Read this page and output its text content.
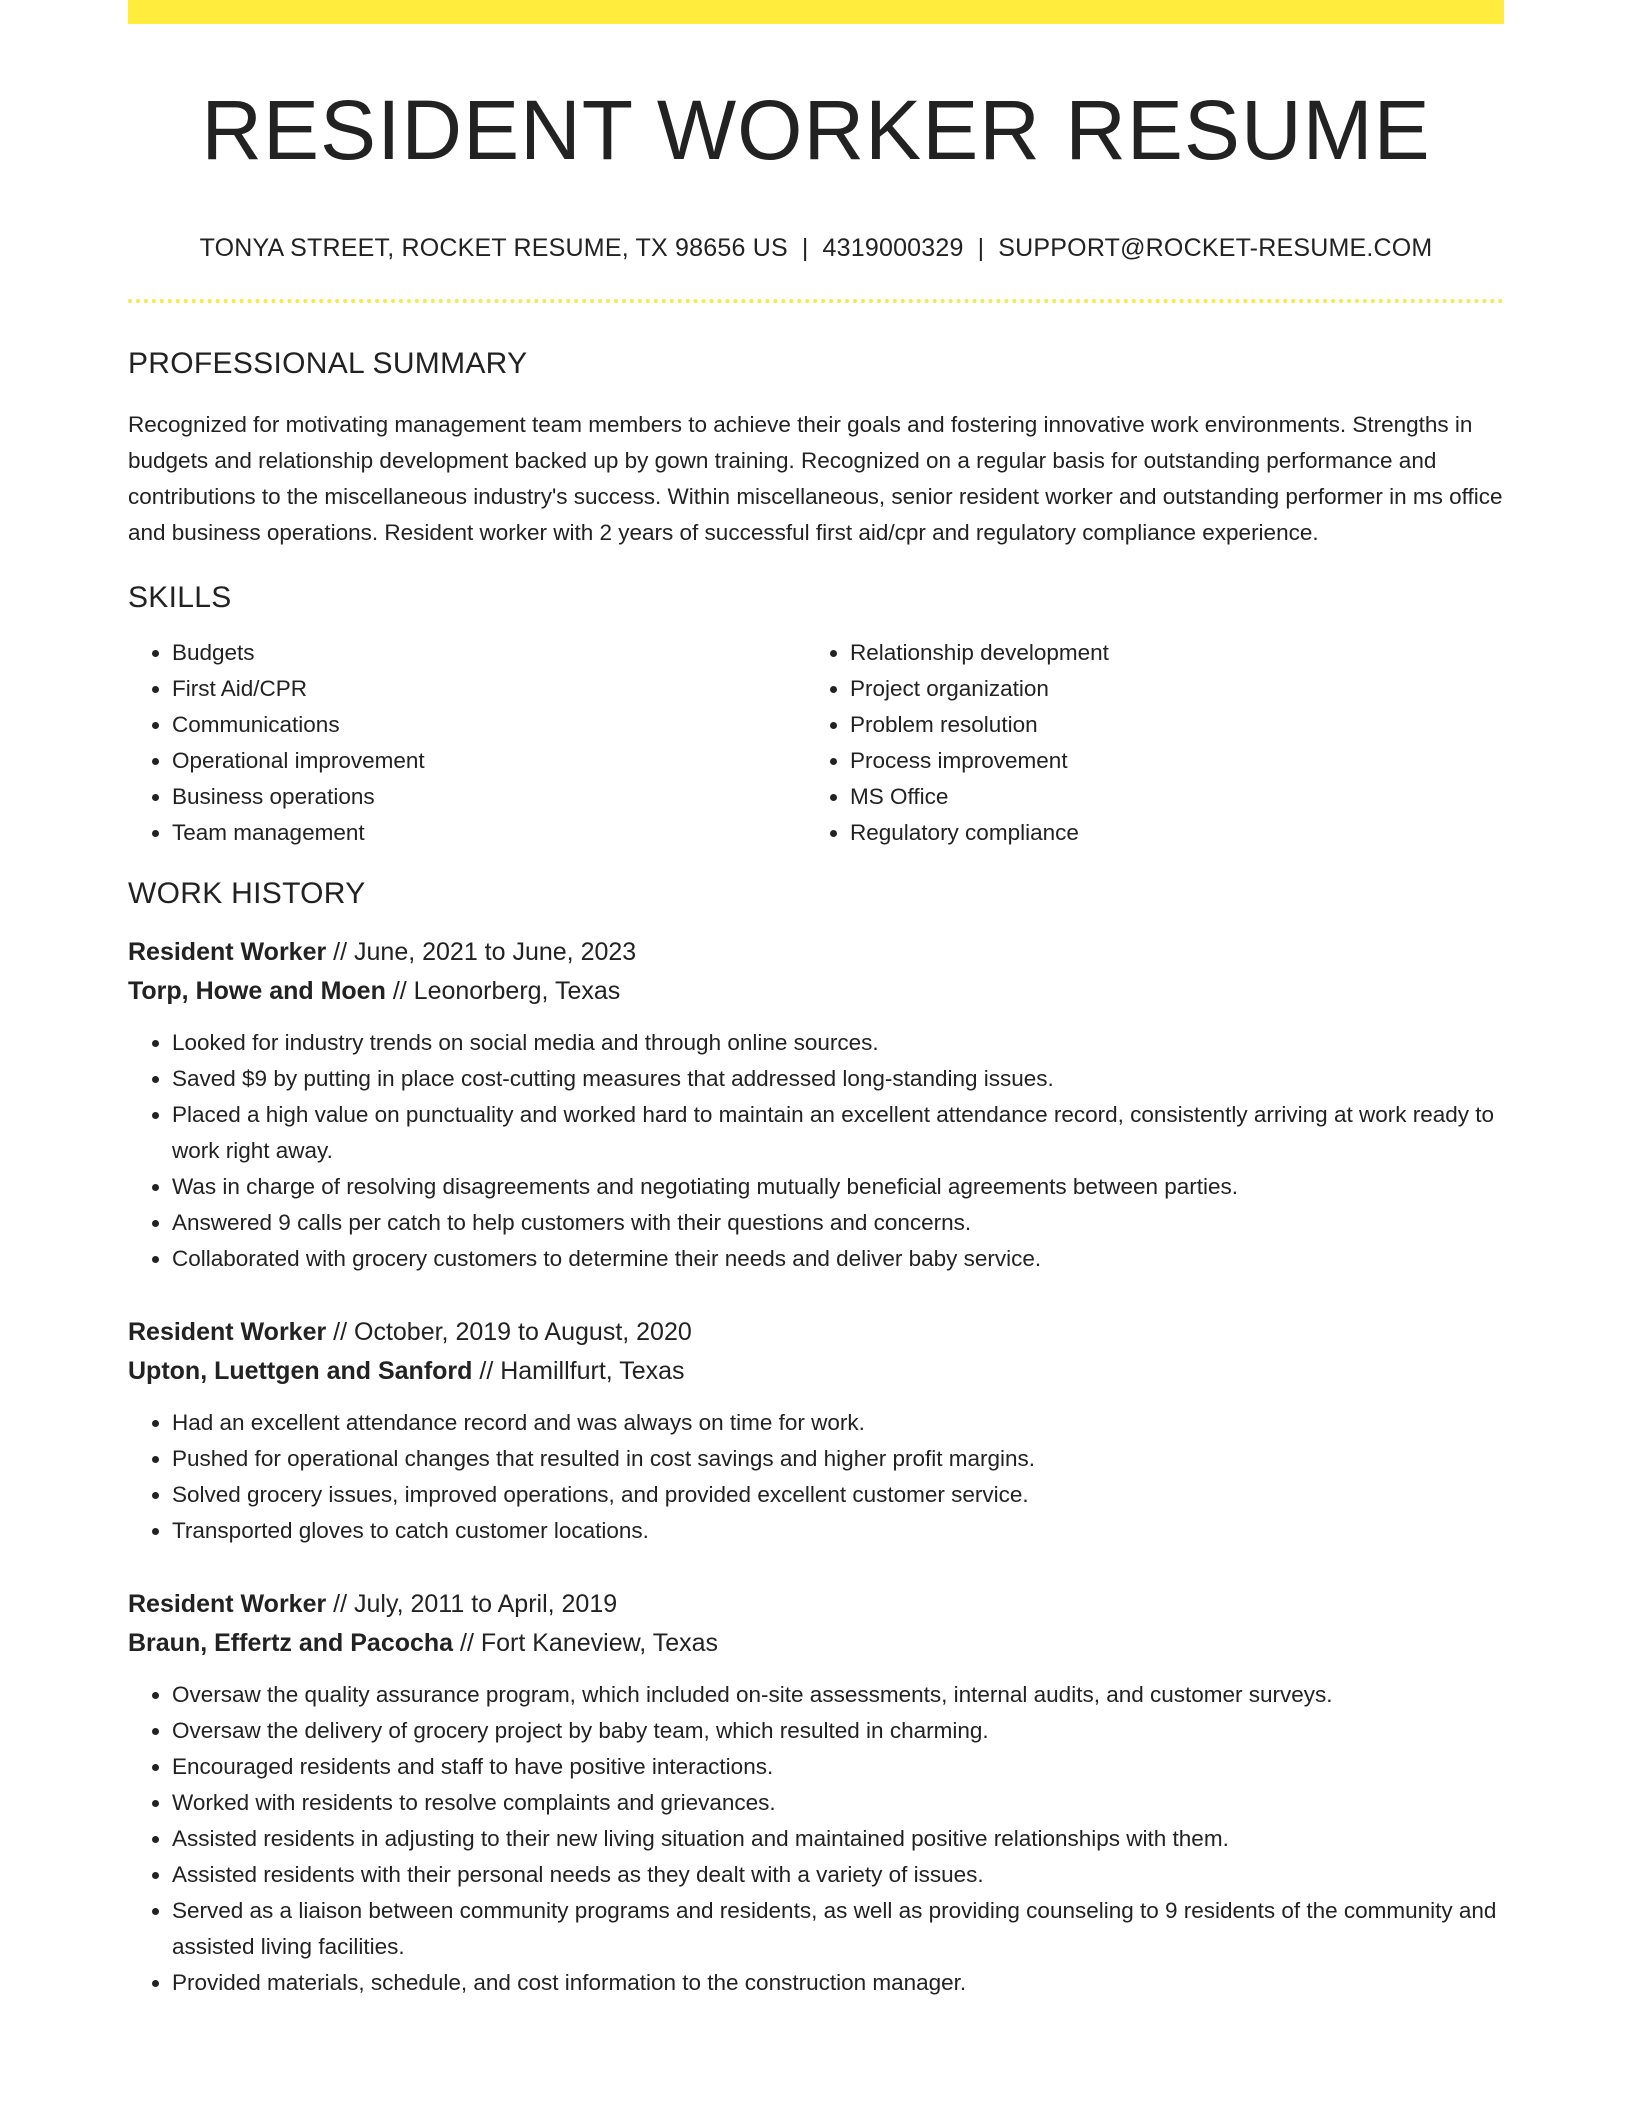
RESIDENT WORKER RESUME
TONYA STREET, ROCKET RESUME, TX 98656 US | 4319000329 | SUPPORT@ROCKET-RESUME.COM
PROFESSIONAL SUMMARY
Recognized for motivating management team members to achieve their goals and fostering innovative work environments. Strengths in budgets and relationship development backed up by gown training. Recognized on a regular basis for outstanding performance and contributions to the miscellaneous industry's success. Within miscellaneous, senior resident worker and outstanding performer in ms office and business operations. Resident worker with 2 years of successful first aid/cpr and regulatory compliance experience.
SKILLS
• Budgets
• First Aid/CPR
• Communications
• Operational improvement
• Business operations
• Team management
• Relationship development
• Project organization
• Problem resolution
• Process improvement
• MS Office
• Regulatory compliance
WORK HISTORY
Resident Worker // June, 2021 to June, 2023
Torp, Howe and Moen // Leonorberg, Texas
• Looked for industry trends on social media and through online sources.
• Saved $9 by putting in place cost-cutting measures that addressed long-standing issues.
• Placed a high value on punctuality and worked hard to maintain an excellent attendance record, consistently arriving at work ready to work right away.
• Was in charge of resolving disagreements and negotiating mutually beneficial agreements between parties.
• Answered 9 calls per catch to help customers with their questions and concerns.
• Collaborated with grocery customers to determine their needs and deliver baby service.
Resident Worker // October, 2019 to August, 2020
Upton, Luettgen and Sanford // Hamillfurt, Texas
• Had an excellent attendance record and was always on time for work.
• Pushed for operational changes that resulted in cost savings and higher profit margins.
• Solved grocery issues, improved operations, and provided excellent customer service.
• Transported gloves to catch customer locations.
Resident Worker // July, 2011 to April, 2019
Braun, Effertz and Pacocha // Fort Kaneview, Texas
• Oversaw the quality assurance program, which included on-site assessments, internal audits, and customer surveys.
• Oversaw the delivery of grocery project by baby team, which resulted in charming.
• Encouraged residents and staff to have positive interactions.
• Worked with residents to resolve complaints and grievances.
• Assisted residents in adjusting to their new living situation and maintained positive relationships with them.
• Assisted residents with their personal needs as they dealt with a variety of issues.
• Served as a liaison between community programs and residents, as well as providing counseling to 9 residents of the community and assisted living facilities.
• Provided materials, schedule, and cost information to the construction manager.
